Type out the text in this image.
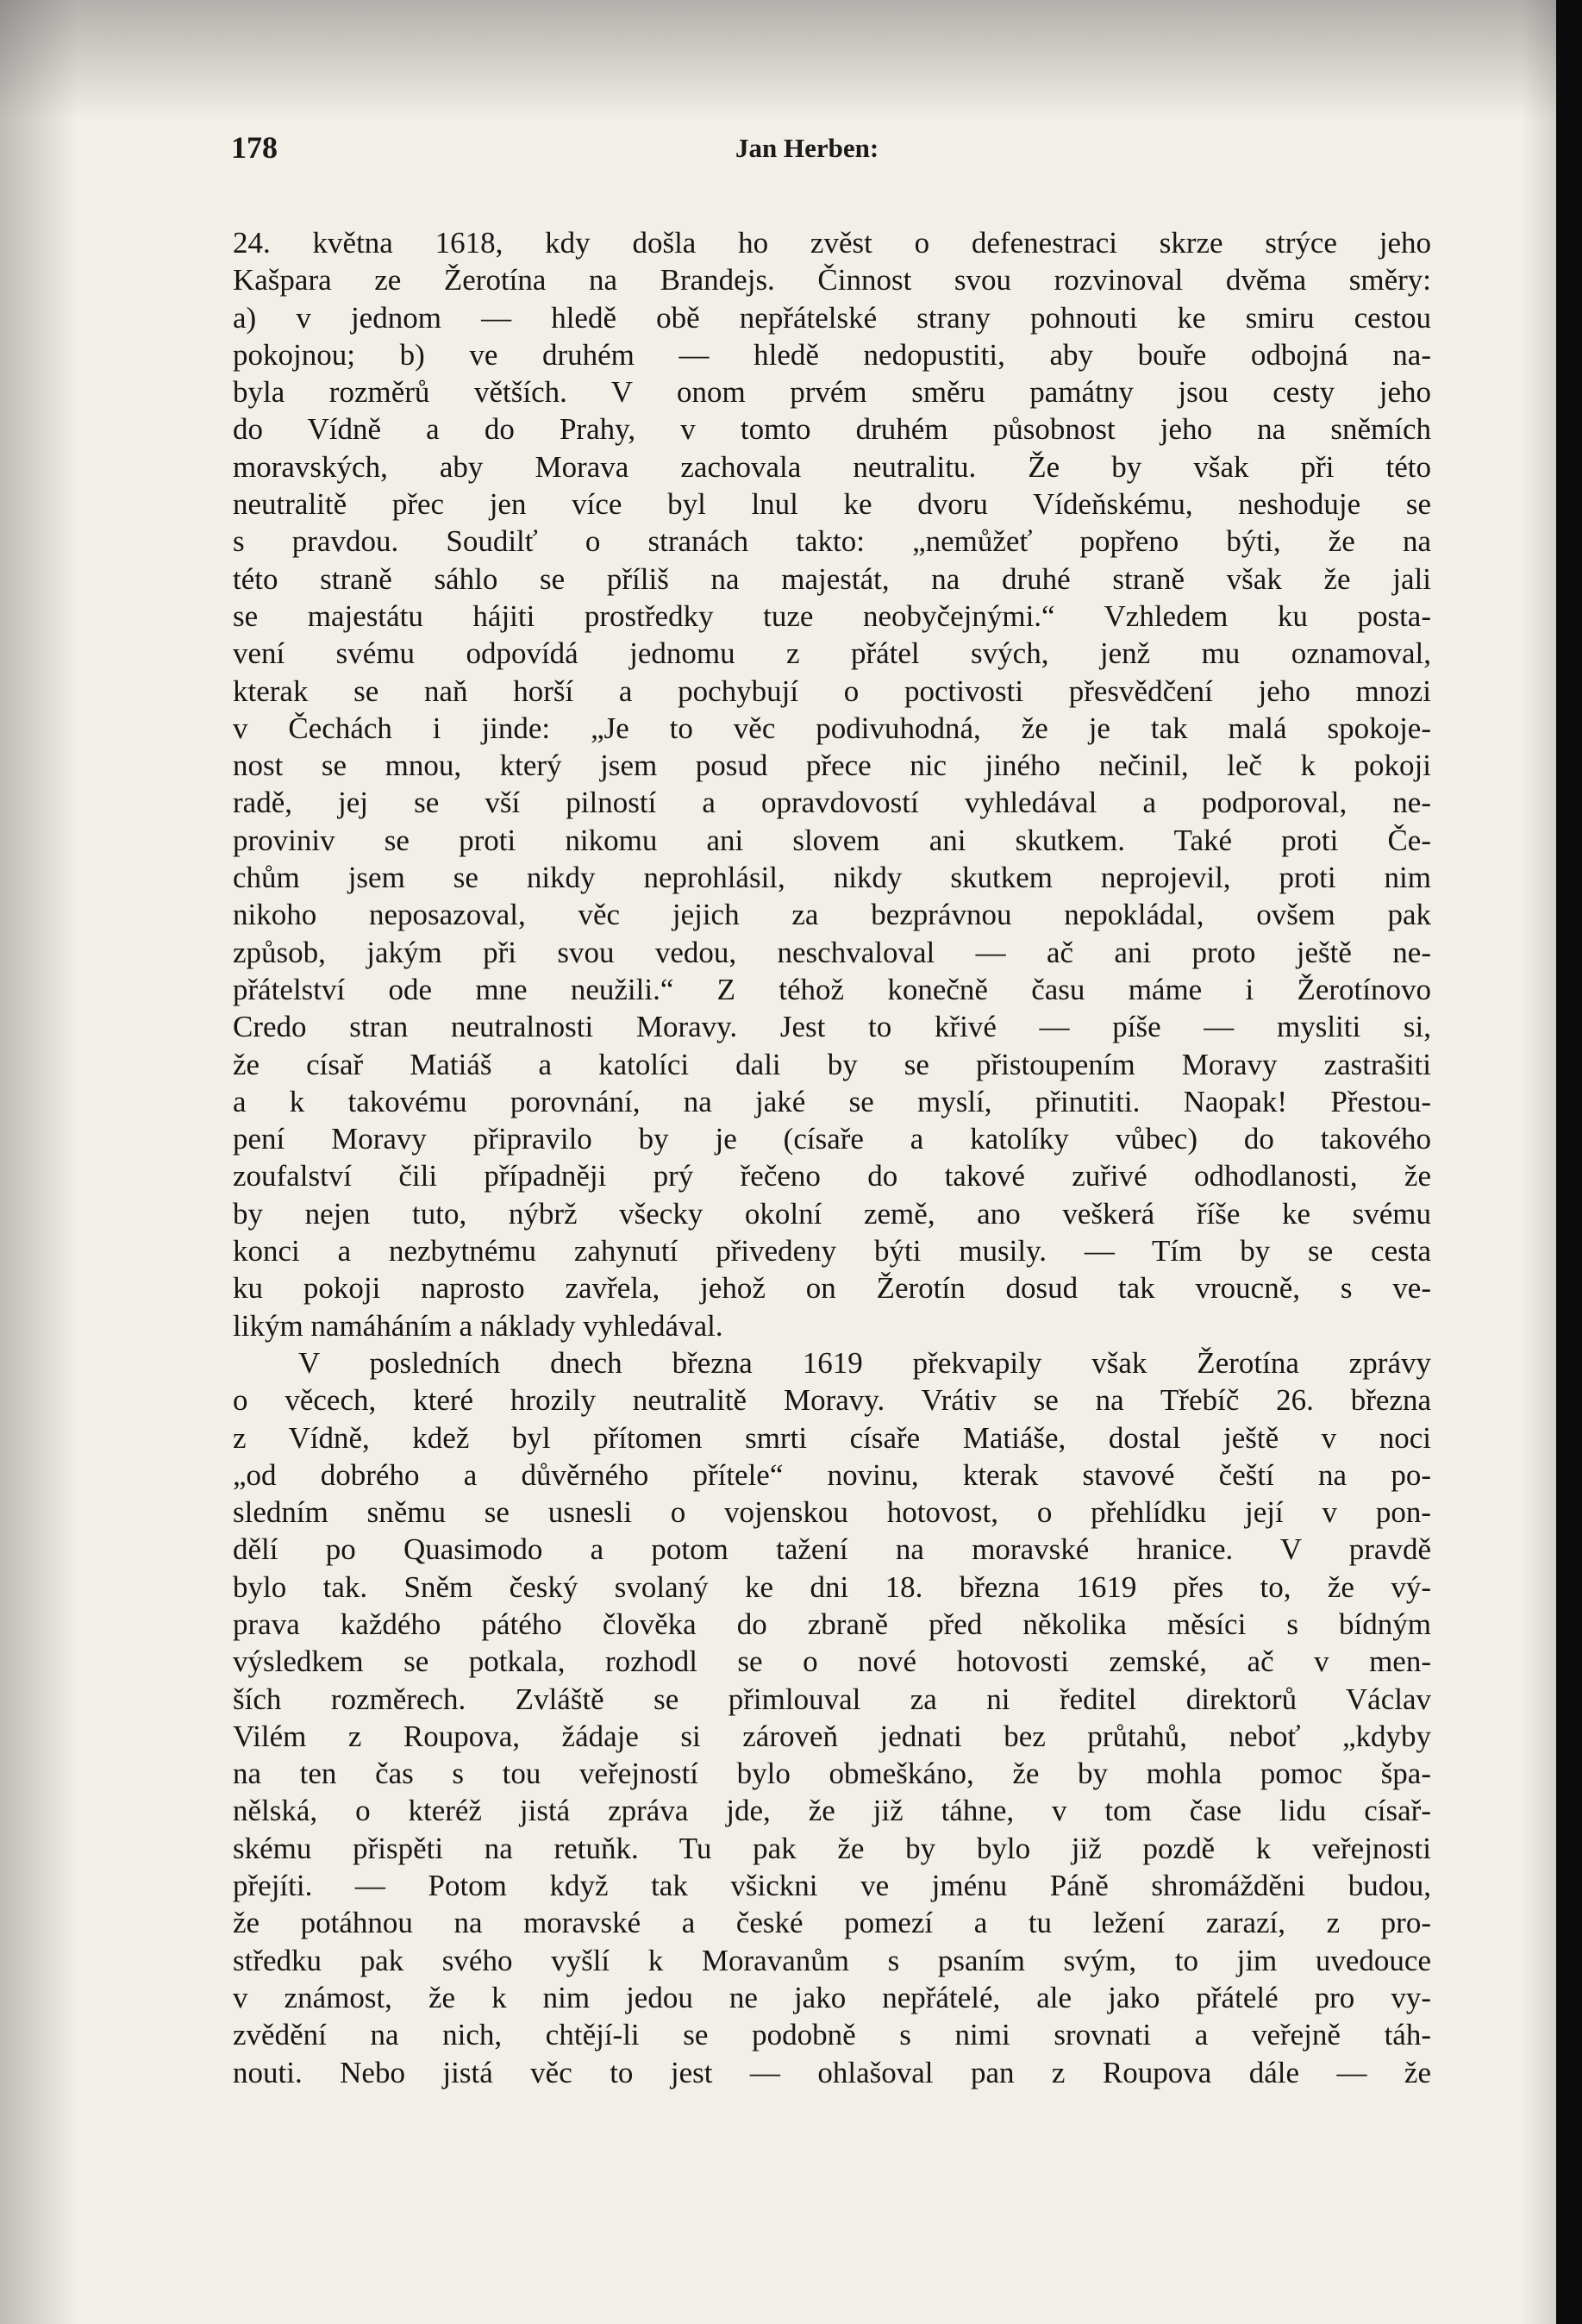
178	Jan Herben:

24. května 1618, kdy došla ho zvěst o defenestraci skrze strýce jeho

Kašpara ze Žerotína na Brandejs. Činnost svou rozvinoval dvěma směry:

a) v jednom — hledě obě nepřátelské strany pohnouti ke smiru cestou

pokojnou; b) ve druhém — hledě nedopustiti, aby bouře odbojná na-

byla rozměrů větších. V onom prvém směru památny jsou cesty jeho

do Vídně a do Prahy, v tomto druhém působnost jeho na sněmích

moravských, aby Morava zachovala neutralitu. Že by však při této

neutralitě přec jen více byl lnul ke dvoru Vídeňskému, neshoduje se

s pravdou. Soudilť o stranách takto: „nemůžeť popřeno býti, že na

této straně sáhlo se příliš na majestát, na druhé straně však že jali

se majestátu hájiti prostředky tuze neobyčejnými.“ Vzhledem ku posta-

vení svému odpovídá jednomu z přátel svých, jenž mu oznamoval,

kterak se naň horší a pochybují o poctivosti přesvědčení jeho mnozi

v Čechách i jinde: „Je to věc podivuhodná, že je tak malá spokoje-

nost se mnou, který jsem posud přece nic jiného nečinil, leč k pokoji

radě, jej se vší pilností a opravdovostí vyhledával a podporoval, ne-

proviniv se proti nikomu ani slovem ani skutkem. Také proti Če-

chům jsem se nikdy neprohlásil, nikdy skutkem neprojevil, proti nim

nikoho neposazoval, věc jejich za bezprávnou nepokládal, ovšem pak

způsob, jakým při svou vedou, neschvaloval — ač ani proto ještě ne-

přátelství ode mne neužili.“ Z téhož konečně času máme i Žerotínovo

Credo stran neutralnosti Moravy. Jest to křivé — píše — mysliti si,

že císař Matiáš a katolíci dali by se přistoupením Moravy zastrašiti

a k takovému porovnání, na jaké se myslí, přinutiti. Naopak! Přestou-

pení Moravy připravilo by je (císaře a katolíky vůbec) do takového

zoufalství čili případněji prý řečeno do takové zuřivé odhodlanosti, že

by nejen tuto, nýbrž všecky okolní země, ano veškerá říše ke svému

konci a nezbytnému zahynutí přivedeny býti musily. — Tím by se cesta

ku pokoji naprosto zavřela, jehož on Žerotín dosud tak vroucně, s ve-

likým namáháním a náklady vyhledával.

V posledních dnech března 1619 překvapily však Žerotína zprávy

o věcech, které hrozily neutralitě Moravy. Vrátiv se na Třebíč 26. března

z Vídně, kdež byl přítomen smrti císaře Matiáše, dostal ještě v noci

„od dobrého a důvěrného přítele“ novinu, kterak stavové čeští na po-

sledním sněmu se usnesli o vojenskou hotovost, o přehlídku její v pon-

dělí po Quasimodo a potom tažení na moravské hranice. V pravdě

bylo tak. Sněm český svolaný ke dni 18. března 1619 přes to, že vý-

prava každého pátého člověka do zbraně před několika měsíci s bídným

výsledkem se potkala, rozhodl se o nové hotovosti zemské, ač v men-

ších rozměrech. Zvláště se přimlouval za ni ředitel direktorů Václav

Vilém z Roupova, žádaje si zároveň jednati bez průtahů, neboť „kdyby

na ten čas s tou veřejností bylo obmeškáno, že by mohla pomoc špa-

nělská, o kteréž jistá zpráva jde, že již táhne, v tom čase lidu císař-

skému přispěti na retuňk. Tu pak že by bylo již pozdě k veřejnosti

přejíti. — Potom když tak všickni ve jménu Páně shromážděni budou,

že potáhnou na moravské a české pomezí a tu ležení zarazí, z pro-

středku pak svého vyšlí k Moravanům s psaním svým, to jim uvedouce

v známost, že k nim jedou ne jako nepřátelé, ale jako přátelé pro vy-

zvědění na nich, chtějí-li se podobně s nimi srovnati a veřejně táh-

nouti. Nebo jistá věc to jest — ohlašoval pan z Roupova dále — že
